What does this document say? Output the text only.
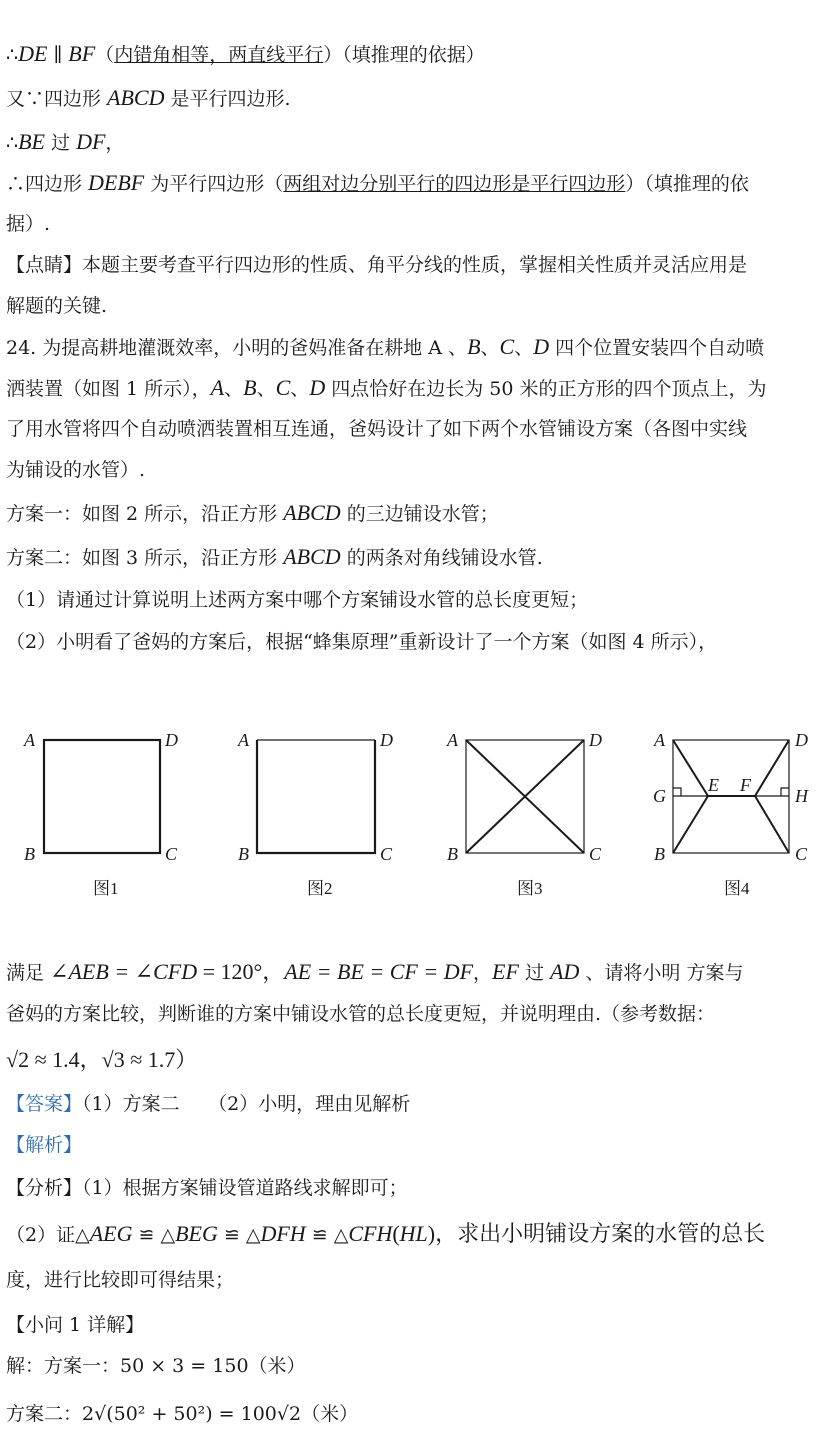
∴DE ∥ BF（内错角相等，两直线平行）（填推理的依据）
又∵四边形 ABCD 是平行四边形.
∴BE 过 DF，
∴四边形 DEBF 为平行四边形（两组对边分别平行的四边形是平行四边形）（填推理的依
据）.
【点睛】本题主要考查平行四边形的性质、角平分线的性质，掌握相关性质并灵活应用是
解题的关键.
24. 为提高耕地灌溉效率，小明的爸妈准备在耕地 A 、B、C、D 四个位置安装四个自动喷
洒装置（如图 1 所示），A、B、C、D 四点恰好在边长为 50 米的正方形的四个顶点上，为
了用水管将四个自动喷洒装置相互连通，爸妈设计了如下两个水管铺设方案（各图中实线
为铺设的水管）.
方案一：如图 2 所示，沿正方形 ABCD 的三边铺设水管；
方案二：如图 3 所示，沿正方形 ABCD 的两条对角线铺设水管.
（1）请通过计算说明上述两方案中哪个方案铺设水管的总长度更短；
（2）小明看了爸妈的方案后，根据“蜂集原理”重新设计了一个方案（如图 4 所示），
A	D
B	C
A	D
B	C
A	D
B	C
A	D
B	C
G	H
E F
图1	图2	图3	图4
满足 ∠AEB = ∠CFD = 120°，AE = BE = CF = DF，EF 过 AD 、请将小明 方案与
爸妈的方案比较，判断谁的方案中铺设水管的总长度更短，并说明理由.（参考数据：
√2 ≈ 1.4，√3 ≈ 1.7）
【答案】（1）方案二　　（2）小明，理由见解析
【解析】
【分析】（1）根据方案铺设管道路线求解即可；
（2）证△AEG ≌ △BEG ≌ △DFH ≌ △CFH(HL)，求出小明铺设方案的水管的总长
度，进行比较即可得结果；
【小问 1 详解】
解：方案一：50 × 3 = 150（米）
方案二：2√(50² + 50²) = 100√2（米）
